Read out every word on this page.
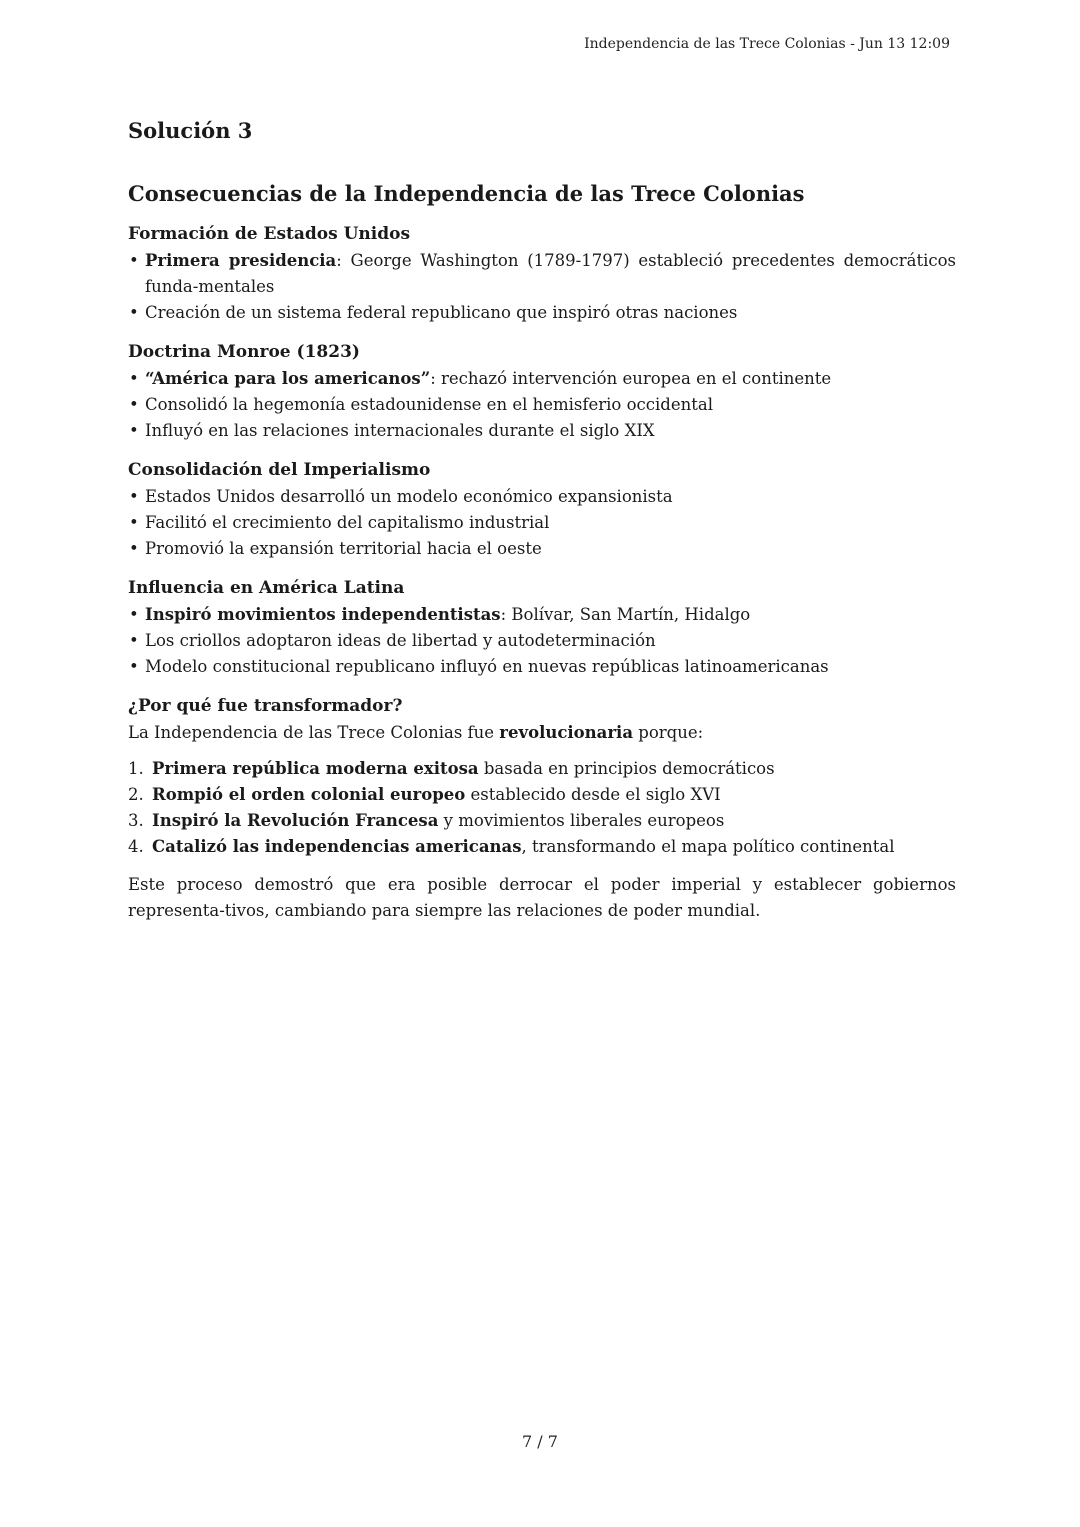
Independencia de las Trece Colonias - Jun 13 12:09
Solución 3
Consecuencias de la Independencia de las Trece Colonias
Formación de Estados Unidos
• Primera presidencia: George Washington (1789-1797) estableció precedentes democráticos funda-mentales
• Creación de un sistema federal republicano que inspiró otras naciones
Doctrina Monroe (1823)
• “América para los americanos”: rechazó intervención europea en el continente
• Consolidó la hegemonía estadounidense en el hemisferio occidental
• Influyó en las relaciones internacionales durante el siglo XIX
Consolidación del Imperialismo
• Estados Unidos desarrolló un modelo económico expansionista
• Facilitó el crecimiento del capitalismo industrial
• Promovió la expansión territorial hacia el oeste
Influencia en América Latina
• Inspiró movimientos independentistas: Bolívar, San Martín, Hidalgo
• Los criollos adoptaron ideas de libertad y autodeterminación
• Modelo constitucional republicano influyó en nuevas repúblicas latinoamericanas
¿Por qué fue transformador?

La Independencia de las Trece Colonias fue revolucionaria porque:

1. Primera república moderna exitosa basada en principios democráticos
2. Rompió el orden colonial europeo establecido desde el siglo XVI
3. Inspiró la Revolución Francesa y movimientos liberales europeos
4. Catalizó las independencias americanas, transformando el mapa político continental

Este proceso demostró que era posible derrocar el poder imperial y establecer gobiernos representa-tivos, cambiando para siempre las relaciones de poder mundial.

7 / 7
